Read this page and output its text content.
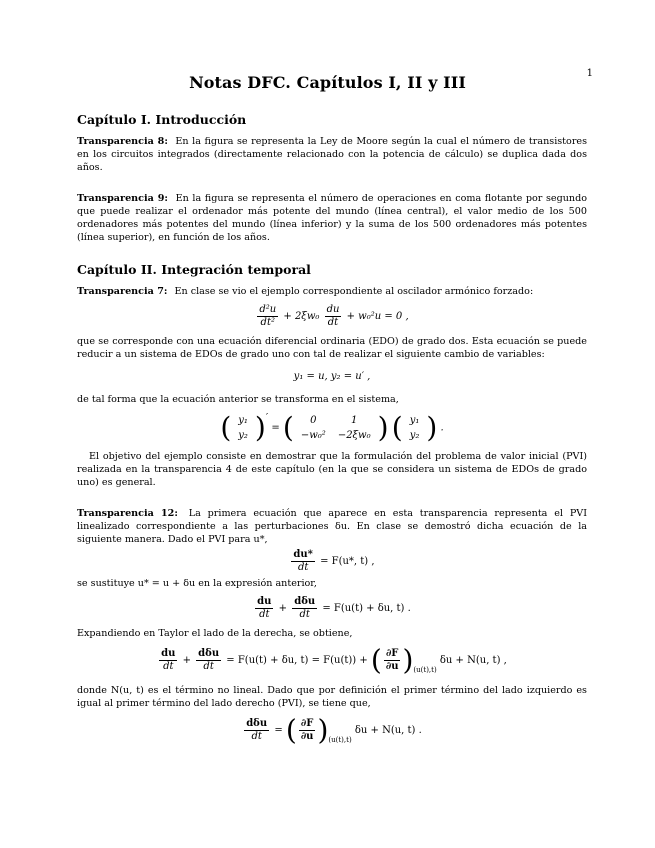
1
Notas DFC. Capítulos I, II y III
Capítulo I. Introducción

Transparencia 8: En la figura se representa la Ley de Moore según la cual el número de transistores en los circuitos integrados (directamente relacionado con la potencia de cálculo) se duplica dada dos años.

Transparencia 9: En la figura se representa el número de operaciones en coma flotante por segundo que puede realizar el ordenador más potente del mundo (línea central), el valor medio de los 500 ordenadores más potentes del mundo (línea inferior) y la suma de los 500 ordenadores más potentes (línea superior), en función de los años.

Capítulo II. Integración temporal

Transparencia 7: En clase se vio el ejemplo correspondiente al oscilador armónico forzado:

$\frac{\text{d²u}}{\text{dt²}} + 2\xi w_0 \frac{du}{dt} + w_0^2u = 0$ ,

que se corresponde con una ecuación diferencial ordinaria (EDO) de grado dos. Esta ecuación se puede reducir a un sistema de EDOs de grado uno con tal de realizar el siguiente cambio de variables:

y₁ = u, y₂ = u′ ,

de tal forma que la ecuación anterior se transforma en el sistema,

( y₁
y₂ )′ = ( 0	1
−w₀²	−2ξw₀ ) ( y₁
y₂ ) .

El objetivo del ejemplo consiste en demostrar que la formulación del problema de valor inicial (PVI) realizada en la transparencia 4 de este capítulo (en la que se considera un sistema de EDOs de grado uno) es general.

Transparencia 12: La primera ecuación que aparece en esta transparencia representa el PVI linealizado correspondiente a las perturbaciones δu. En clase se demostró dicha ecuación de la siguiente manera. Dado el PVI para u*,

$\frac{du*}{dt} = F(u*$, t) ,

se sustituye u* = u + δu en la expresión anterior,

$\frac{du}{dt} + \frac{\text{dδu}}{dt} = F(u(t) + \delta u$, t) .

Expandiendo en Taylor el lado de la derecha, se obtiene,

$\frac{du}{dt} + \frac{\text{dδu}}{dt} = F(u(t) + \delta u$, t) = F(u(t)) + ( $\frac{\partial F}{\partial u} )_{(u(t),t)}$ δu + N(u, t) ,

donde N(u, t) es el término no lineal. Dado que por definición el primer término del lado izquierdo es igual al primer término del lado derecho (PVI), se tiene que,

$\frac{\text{dδu}}{dt}$ = ( $\frac{\partial F}{\partial u} )_{(u(t),t)}$ δu + N(u, t) .
